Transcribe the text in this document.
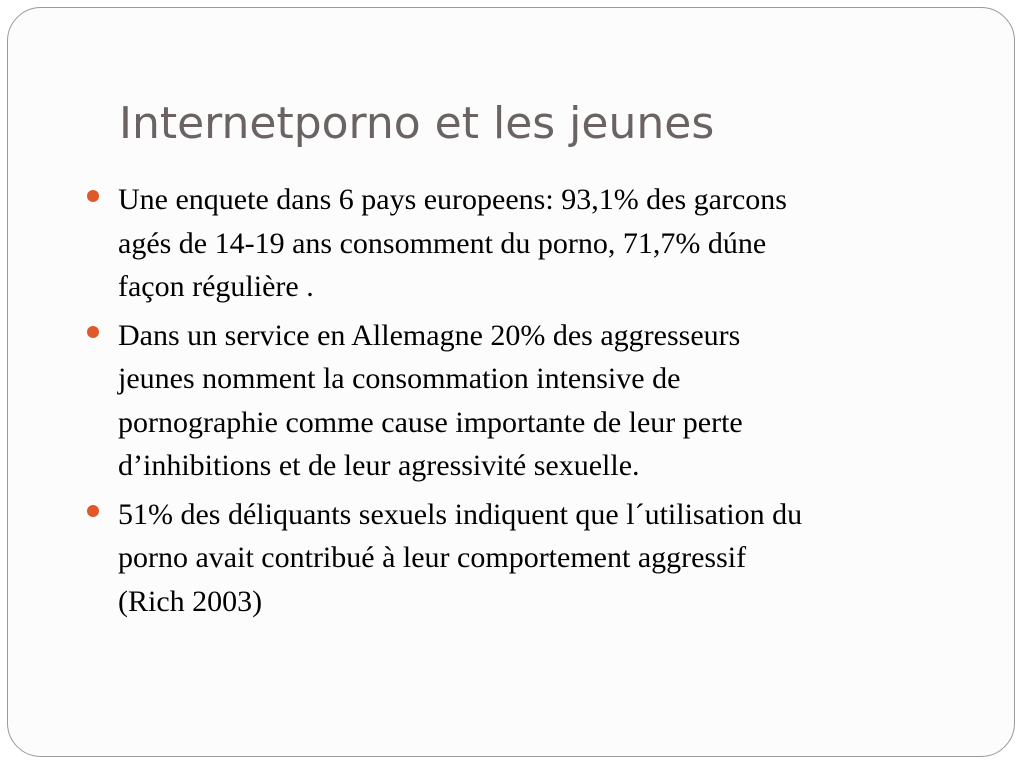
Internetporno et les jeunes
Une enquete dans 6 pays europeens: 93,1% des garcons
agés de 14-19 ans consomment du porno, 71,7% dúne
façon régulière .
Dans un service en Allemagne 20% des aggresseurs
jeunes nomment la consommation intensive de
pornographie comme cause importante de leur perte
d’inhibitions et de leur agressivité sexuelle.
51% des déliquants sexuels indiquent que l´utilisation du
porno avait contribué à leur comportement aggressif
(Rich 2003)
